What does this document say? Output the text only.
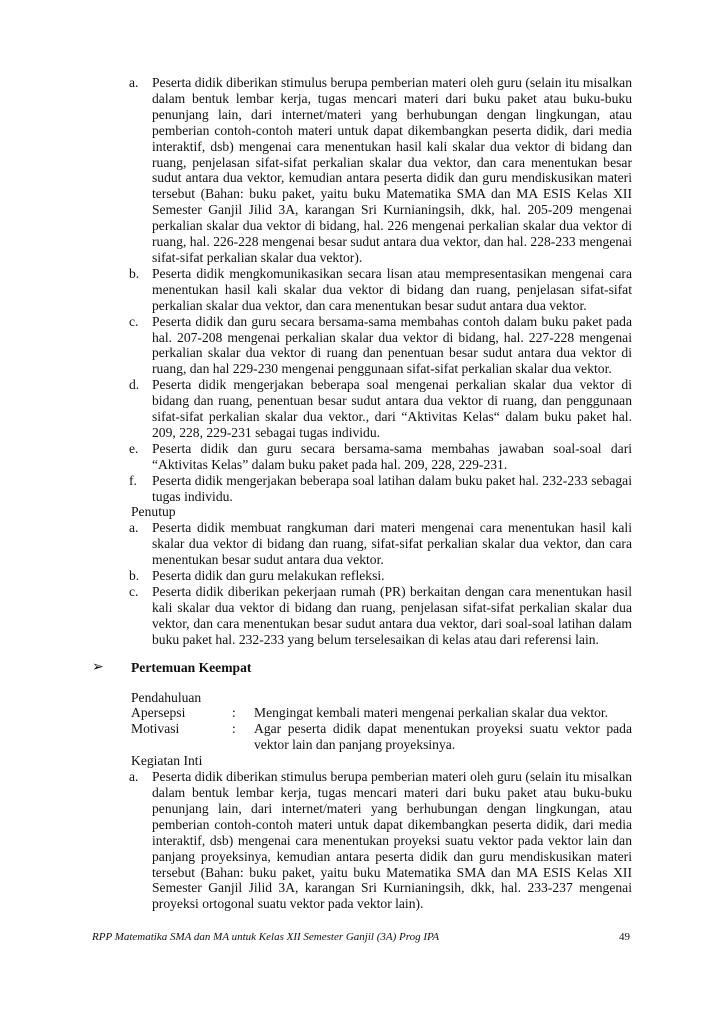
a. Peserta didik diberikan stimulus berupa pemberian materi oleh guru (selain itu misalkan dalam bentuk lembar kerja, tugas mencari materi dari buku paket atau buku-buku penunjang lain, dari internet/materi yang berhubungan dengan lingkungan, atau pemberian contoh-contoh materi untuk dapat dikembangkan peserta didik, dari media interaktif, dsb) mengenai cara menentukan hasil kali skalar dua vektor di bidang dan ruang, penjelasan sifat-sifat perkalian skalar dua vektor, dan cara menentukan besar sudut antara dua vektor, kemudian antara peserta didik dan guru mendiskusikan materi tersebut (Bahan: buku paket, yaitu buku Matematika SMA dan MA ESIS Kelas XII Semester Ganjil Jilid 3A, karangan Sri Kurnianingsih, dkk, hal. 205-209 mengenai perkalian skalar dua vektor di bidang, hal. 226 mengenai perkalian skalar dua vektor di ruang, hal. 226-228 mengenai besar sudut antara dua vektor, dan hal. 228-233 mengenai sifat-sifat perkalian skalar dua vektor).
b. Peserta didik mengkomunikasikan secara lisan atau mempresentasikan mengenai cara menentukan hasil kali skalar dua vektor di bidang dan ruang, penjelasan sifat-sifat perkalian skalar dua vektor, dan cara menentukan besar sudut antara dua vektor.
c. Peserta didik dan guru secara bersama-sama membahas contoh dalam buku paket pada hal. 207-208 mengenai perkalian skalar dua vektor di bidang, hal. 227-228 mengenai perkalian skalar dua vektor di ruang dan penentuan besar sudut antara dua vektor di ruang, dan hal 229-230 mengenai penggunaan sifat-sifat perkalian skalar dua vektor.
d. Peserta didik mengerjakan beberapa soal mengenai perkalian skalar dua vektor di bidang dan ruang, penentuan besar sudut antara dua vektor di ruang, dan penggunaan sifat-sifat perkalian skalar dua vektor., dari “Aktivitas Kelas“ dalam buku paket hal. 209, 228, 229-231 sebagai tugas individu.
e. Peserta didik dan guru secara bersama-sama membahas jawaban soal-soal dari “Aktivitas Kelas” dalam buku paket pada hal. 209, 228, 229-231.
f. Peserta didik mengerjakan beberapa soal latihan dalam buku paket hal. 232-233 sebagai tugas individu.
Penutup
a. Peserta didik membuat rangkuman dari materi mengenai cara menentukan hasil kali skalar dua vektor di bidang dan ruang, sifat-sifat perkalian skalar dua vektor, dan cara menentukan besar sudut antara dua vektor.
b. Peserta didik dan guru melakukan refleksi.
c. Peserta didik diberikan pekerjaan rumah (PR) berkaitan dengan cara menentukan hasil kali skalar dua vektor di bidang dan ruang, penjelasan sifat-sifat perkalian skalar dua vektor, dan cara menentukan besar sudut antara dua vektor, dari soal-soal latihan dalam buku paket hal. 232-233 yang belum terselesaikan di kelas atau dari referensi lain.
➢ Pertemuan Keempat
Pendahuluan
Apersepsi	:	Mengingat kembali materi mengenai perkalian skalar dua vektor.
Motivasi	:	Agar peserta didik dapat menentukan proyeksi suatu vektor pada vektor lain dan panjang proyeksinya.
Kegiatan Inti
a. Peserta didik diberikan stimulus berupa pemberian materi oleh guru (selain itu misalkan dalam bentuk lembar kerja, tugas mencari materi dari buku paket atau buku-buku penunjang lain, dari internet/materi yang berhubungan dengan lingkungan, atau pemberian contoh-contoh materi untuk dapat dikembangkan peserta didik, dari media interaktif, dsb) mengenai cara menentukan proyeksi suatu vektor pada vektor lain dan panjang proyeksinya, kemudian antara peserta didik dan guru mendiskusikan materi tersebut (Bahan: buku paket, yaitu buku Matematika SMA dan MA ESIS Kelas XII Semester Ganjil Jilid 3A, karangan Sri Kurnianingsih, dkk, hal. 233-237 mengenai proyeksi ortogonal suatu vektor pada vektor lain).
RPP Matematika SMA dan MA untuk Kelas XII Semester Ganjil (3A) Prog IPA	49
